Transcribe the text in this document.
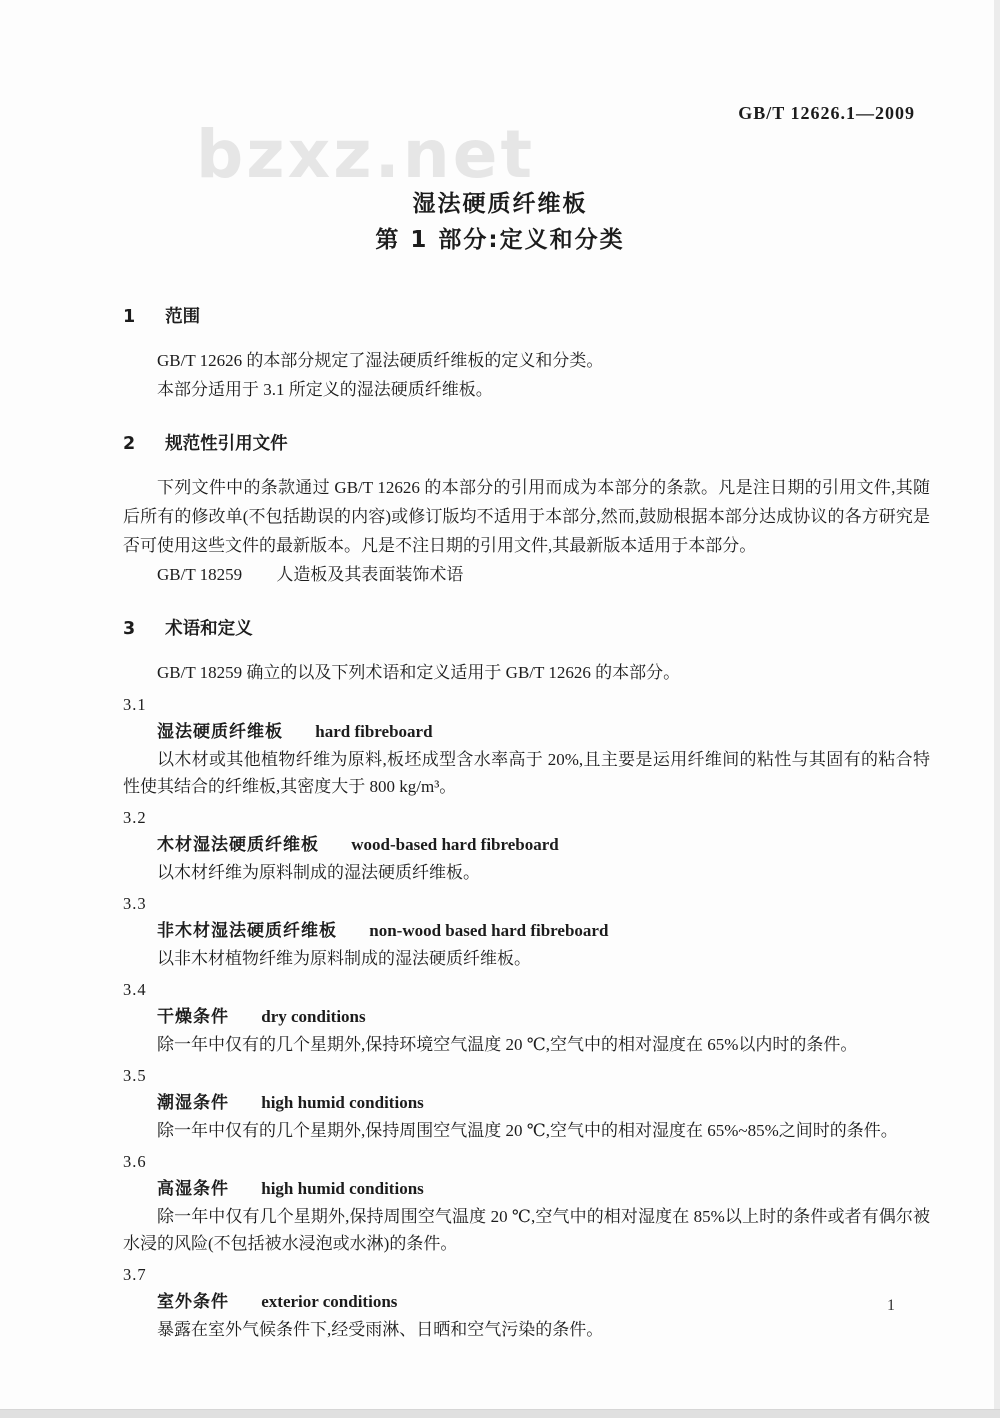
bzxz.net
GB/T 12626.1—2009
湿法硬质纤维板
第 1 部分:定义和分类
1 范围

GB/T 12626 的本部分规定了湿法硬质纤维板的定义和分类。

本部分适用于 3.1 所定义的湿法硬质纤维板。

2 规范性引用文件

下列文件中的条款通过 GB/T 12626 的本部分的引用而成为本部分的条款。凡是注日期的引用文件,其随后所有的修改单(不包括勘误的内容)或修订版均不适用于本部分,然而,鼓励根据本部分达成协议的各方研究是否可使用这些文件的最新版本。凡是不注日期的引用文件,其最新版本适用于本部分。

GB/T 18259 人造板及其表面装饰术语

3 术语和定义

GB/T 18259 确立的以及下列术语和定义适用于 GB/T 12626 的本部分。

3.1

湿法硬质纤维板 hard fibreboard

以木材或其他植物纤维为原料,板坯成型含水率高于 20%,且主要是运用纤维间的粘性与其固有的粘合特性使其结合的纤维板,其密度大于 800 kg/m³。

3.2

木材湿法硬质纤维板 wood-based hard fibreboard

以木材纤维为原料制成的湿法硬质纤维板。

3.3

非木材湿法硬质纤维板 non-wood based hard fibreboard

以非木材植物纤维为原料制成的湿法硬质纤维板。

3.4

干燥条件 dry conditions

除一年中仅有的几个星期外,保持环境空气温度 20 ℃,空气中的相对湿度在 65%以内时的条件。

3.5

潮湿条件 high humid conditions

除一年中仅有的几个星期外,保持周围空气温度 20 ℃,空气中的相对湿度在 65%~85%之间时的条件。

3.6

高湿条件 high humid conditions

除一年中仅有几个星期外,保持周围空气温度 20 ℃,空气中的相对湿度在 85%以上时的条件或者有偶尔被水浸的风险(不包括被水浸泡或水淋)的条件。

3.7

室外条件 exterior conditions

暴露在室外气候条件下,经受雨淋、日晒和空气污染的条件。

1
